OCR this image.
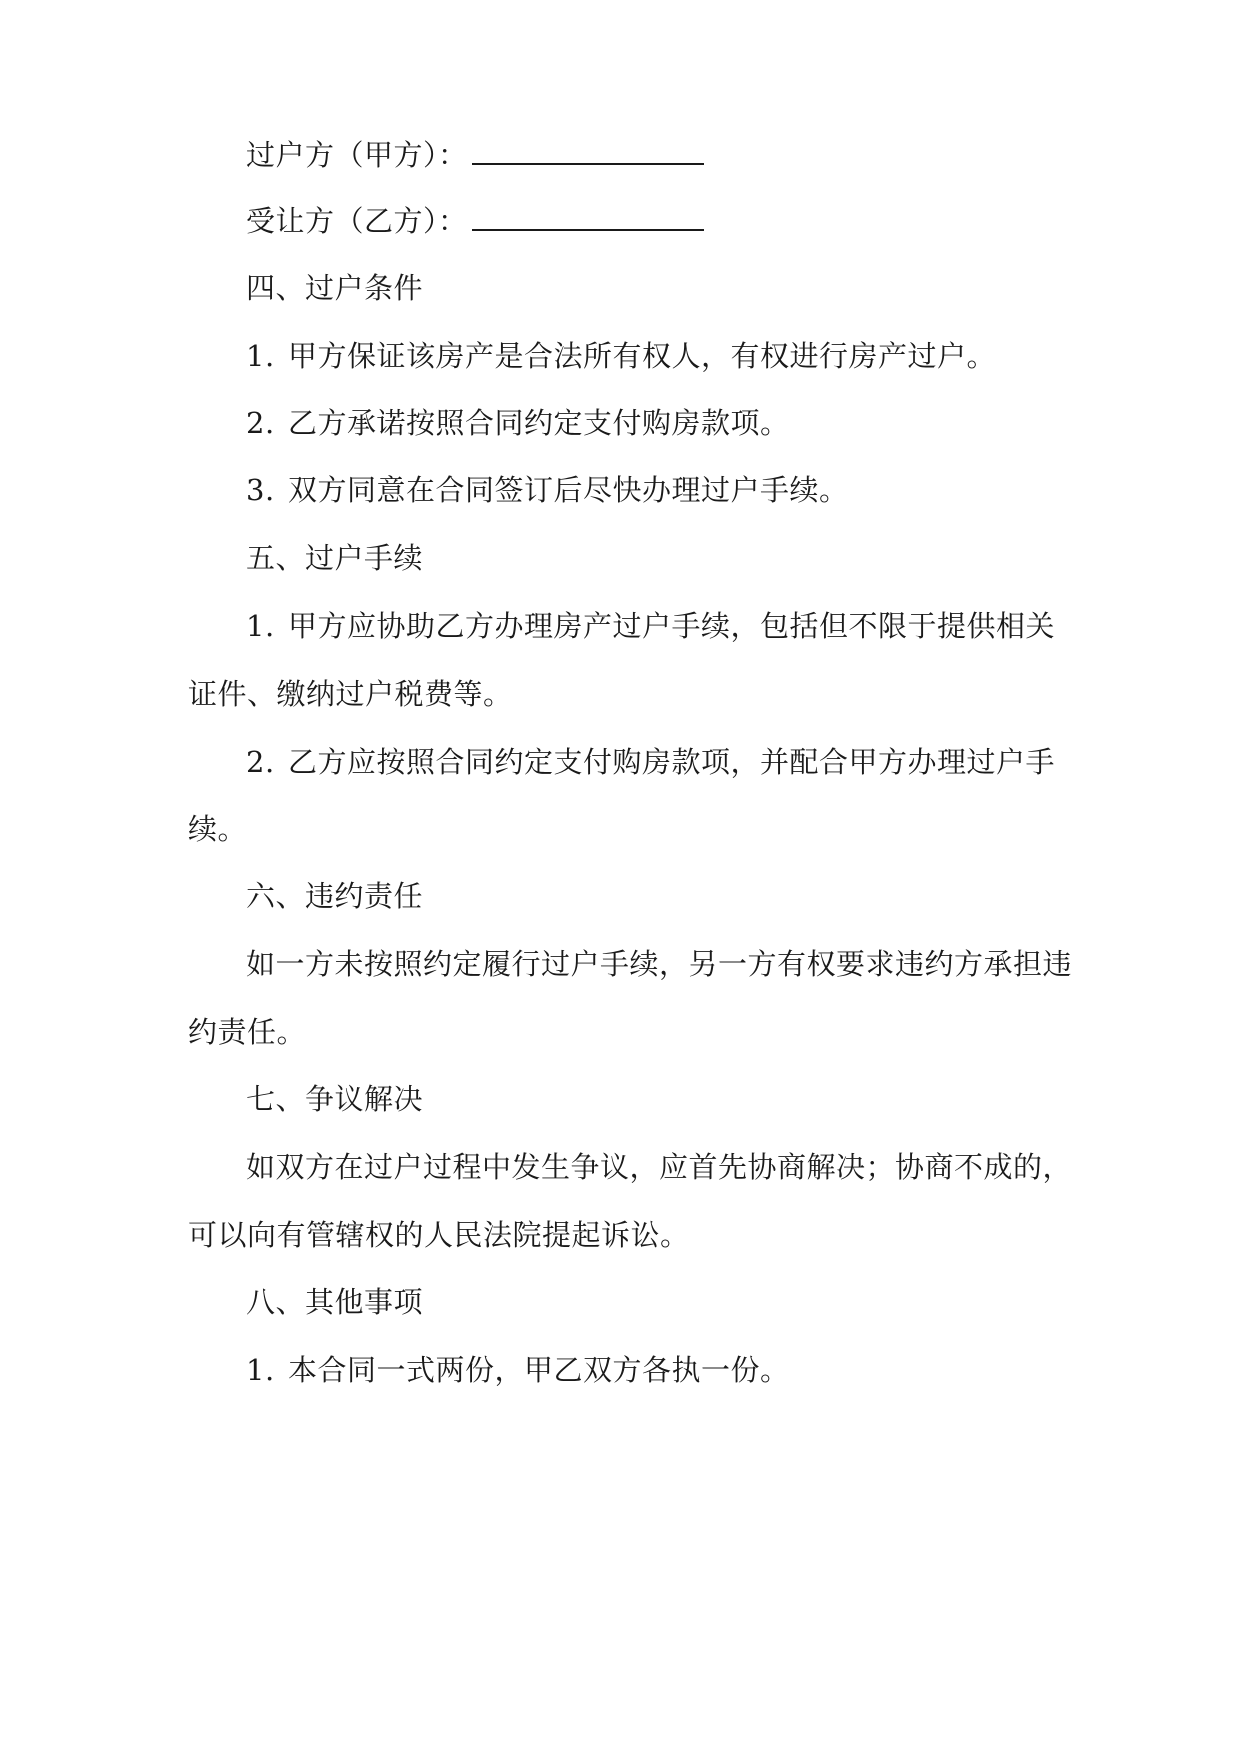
过户方（甲方）：
受让方（乙方）：
四、过户条件
1. 甲方保证该房产是合法所有权人，有权进行房产过户。
2. 乙方承诺按照合同约定支付购房款项。
3. 双方同意在合同签订后尽快办理过户手续。
五、过户手续
1. 甲方应协助乙方办理房产过户手续，包括但不限于提供相关
证件、缴纳过户税费等。
2. 乙方应按照合同约定支付购房款项，并配合甲方办理过户手
续。
六、违约责任
如一方未按照约定履行过户手续，另一方有权要求违约方承担违
约责任。
七、争议解决
如双方在过户过程中发生争议，应首先协商解决；协商不成的，
可以向有管辖权的人民法院提起诉讼。
八、其他事项
1. 本合同一式两份，甲乙双方各执一份。
